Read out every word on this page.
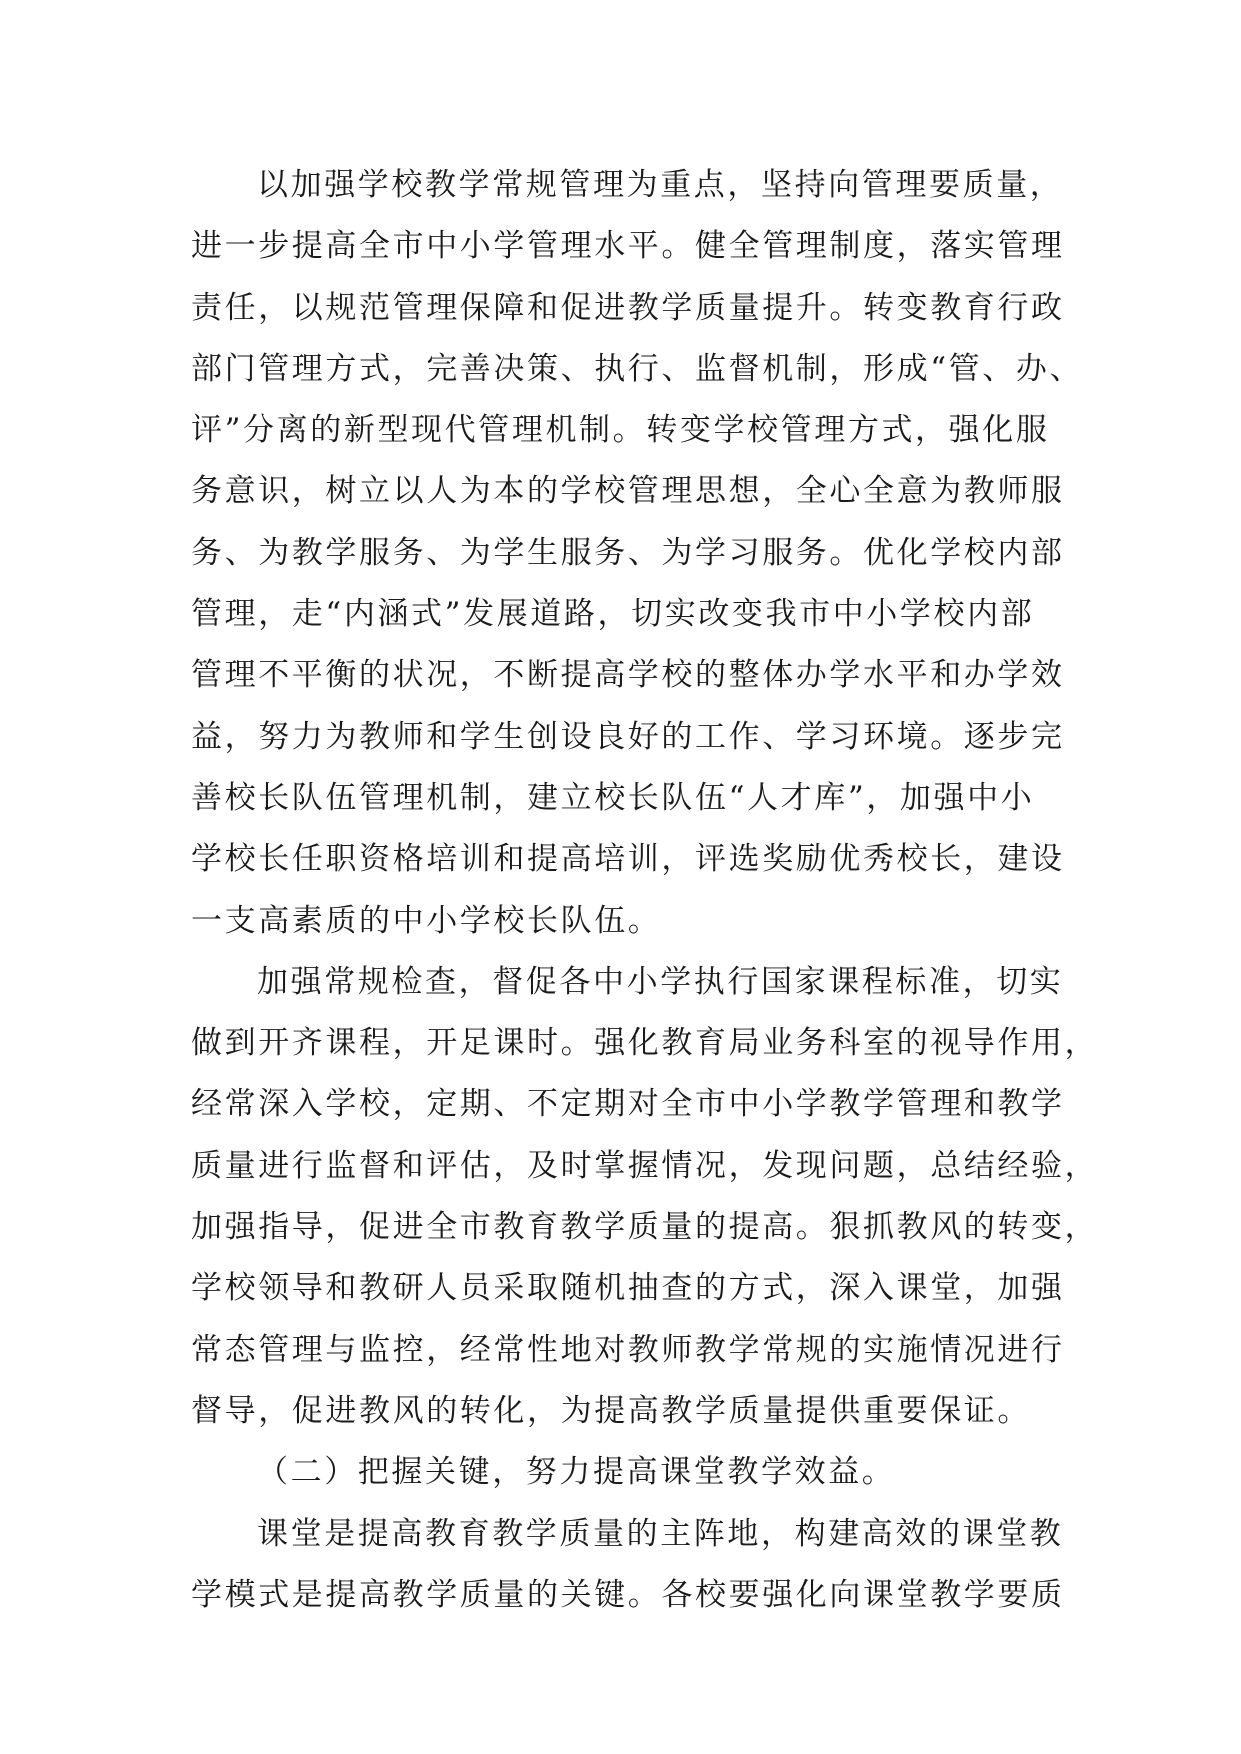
以加强学校教学常规管理为重点，坚持向管理要质量，
进一步提高全市中小学管理水平。健全管理制度，落实管理
责任，以规范管理保障和促进教学质量提升。转变教育行政
部门管理方式，完善决策、执行、监督机制，形成“管、办、
评”分离的新型现代管理机制。转变学校管理方式，强化服
务意识，树立以人为本的学校管理思想，全心全意为教师服
务、为教学服务、为学生服务、为学习服务。优化学校内部
管理，走“内涵式”发展道路，切实改变我市中小学校内部
管理不平衡的状况，不断提高学校的整体办学水平和办学效
益，努力为教师和学生创设良好的工作、学习环境。逐步完
善校长队伍管理机制，建立校长队伍“人才库”，加强中小
学校长任职资格培训和提高培训，评选奖励优秀校长，建设
一支高素质的中小学校长队伍。
加强常规检查，督促各中小学执行国家课程标准，切实
做到开齐课程，开足课时。强化教育局业务科室的视导作用，
经常深入学校，定期、不定期对全市中小学教学管理和教学
质量进行监督和评估，及时掌握情况，发现问题，总结经验，
加强指导，促进全市教育教学质量的提高。狠抓教风的转变，
学校领导和教研人员采取随机抽查的方式，深入课堂，加强
常态管理与监控，经常性地对教师教学常规的实施情况进行
督导，促进教风的转化，为提高教学质量提供重要保证。
（二）把握关键，努力提高课堂教学效益。
课堂是提高教育教学质量的主阵地，构建高效的课堂教
学模式是提高教学质量的关键。各校要强化向课堂教学要质
